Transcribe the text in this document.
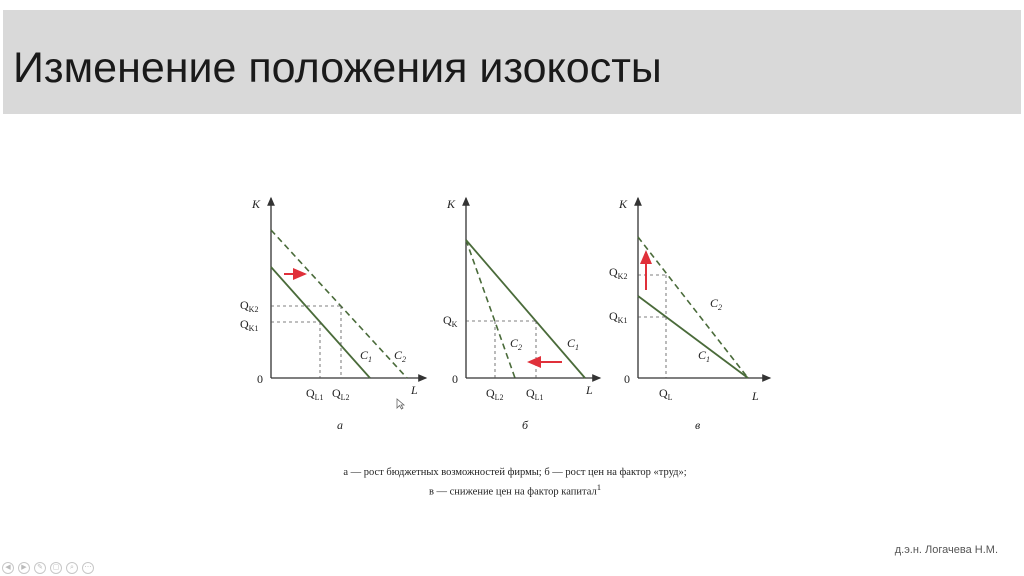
Изменение положения изокосты
K
L
0
$Q_{K2}$
$Q_{K1}$
$Q_{L1}$ $Q_{L2}$
$C_1$ $C_2$
а
K
L
0
$Q_K$
$Q_{L2}$ $Q_{L1}$
$C_1$
$C_2$
б
K
L
0
$Q_{K2}$
$Q_{K1}$
$Q_L$
$C_1$
$C_2$
в
а — рост бюджетных возможностей фирмы; б — рост цен на фактор «труд»;
в — снижение цен на фактор капитал$^1$
д.э.н. Логачева Н.М.
◀	▶	✎	▢	⌕	⋯
